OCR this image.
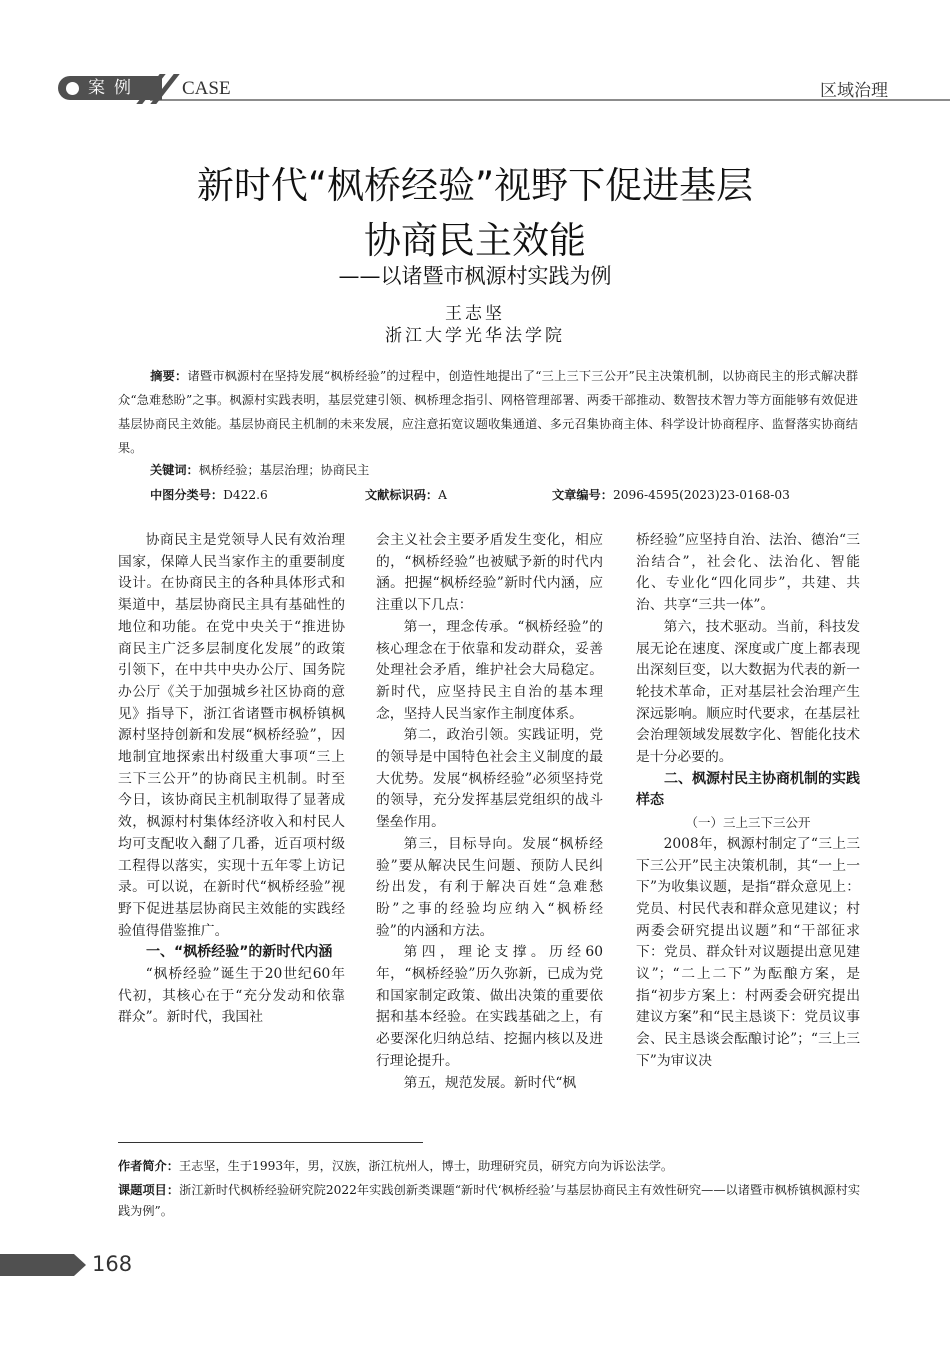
案例	CASE	区域治理
新时代“枫桥经验”视野下促进基层
协商民主效能
——以诸暨市枫源村实践为例
王志坚
浙江大学光华法学院
摘要：诸暨市枫源村在坚持发展“枫桥经验”的过程中，创造性地提出了“三上三下三公开”民主决策机制，以协商民主的形式解决群众“急难愁盼”之事。枫源村实践表明，基层党建引领、枫桥理念指引、网格管理部署、两委干部推动、数智技术智力等方面能够有效促进基层协商民主效能。基层协商民主机制的未来发展，应注意拓宽议题收集通道、多元召集协商主体、科学设计协商程序、监督落实协商结果。
关键词：枫桥经验；基层治理；协商民主
中图分类号：D422.6	文献标识码：A	文章编号：2096-4595(2023)23-0168-03

协商民主是党领导人民有效治理国家，保障人民当家作主的重要制度设计。在协商民主的各种具体形式和渠道中，基层协商民主具有基础性的地位和功能。在党中央关于“推进协商民主广泛多层制度化发展”的政策引领下，在中共中央办公厅、国务院办公厅《关于加强城乡社区协商的意见》指导下，浙江省诸暨市枫桥镇枫源村坚持创新和发展“枫桥经验”，因地制宜地探索出村级重大事项“三上三下三公开”的协商民主机制。时至今日，该协商民主机制取得了显著成效，枫源村村集体经济收入和村民人均可支配收入翻了几番，近百项村级工程得以落实，实现十五年零上访记录。可以说，在新时代“枫桥经验”视野下促进基层协商民主效能的实践经验值得借鉴推广。

一、“枫桥经验”的新时代内涵

“枫桥经验”诞生于20世纪60年代初，其核心在于“充分发动和依靠群众”。新时代，我国社

会主义社会主要矛盾发生变化，相应的，“枫桥经验”也被赋予新的时代内涵。把握“枫桥经验”新时代内涵，应注重以下几点：

第一，理念传承。“枫桥经验”的核心理念在于依靠和发动群众，妥善处理社会矛盾，维护社会大局稳定。新时代，应坚持民主自治的基本理念，坚持人民当家作主制度体系。

第二，政治引领。实践证明，党的领导是中国特色社会主义制度的最大优势。发展“枫桥经验”必须坚持党的领导，充分发挥基层党组织的战斗堡垒作用。

第三，目标导向。发展“枫桥经验”要从解决民生问题、预防人民纠纷出发，有利于解决百姓“急难愁盼”之事的经验均应纳入“枫桥经验”的内涵和方法。

第四，理论支撑。历经60年，“枫桥经验”历久弥新，已成为党和国家制定政策、做出决策的重要依据和基本经验。在实践基础之上，有必要深化归纳总结、挖掘内核以及进行理论提升。

第五，规范发展。新时代“枫

桥经验”应坚持自治、法治、德治“三治结合”，社会化、法治化、智能化、专业化“四化同步”，共建、共治、共享“三共一体”。

第六，技术驱动。当前，科技发展无论在速度、深度或广度上都表现出深刻巨变，以大数据为代表的新一轮技术革命，正对基层社会治理产生深远影响。顺应时代要求，在基层社会治理领域发展数字化、智能化技术是十分必要的。

二、枫源村民主协商机制的实践样态
（一）三上三下三公开

2008年，枫源村制定了“三上三下三公开”民主决策机制，其“一上一下”为收集议题，是指“群众意见上：党员、村民代表和群众意见建议；村两委会研究提出议题”和“干部征求下：党员、群众针对议题提出意见建议”；“二上二下”为酝酿方案，是指“初步方案上：村两委会研究提出建议方案”和“民主恳谈下：党员议事会、民主恳谈会酝酿讨论”；“三上三下”为审议决

作者简介：王志坚，生于1993年，男，汉族，浙江杭州人，博士，助理研究员，研究方向为诉讼法学。
课题项目：浙江新时代枫桥经验研究院2022年实践创新类课题“新时代‘枫桥经验’与基层协商民主有效性研究——以诸暨市枫桥镇枫源村实践为例”。
168
